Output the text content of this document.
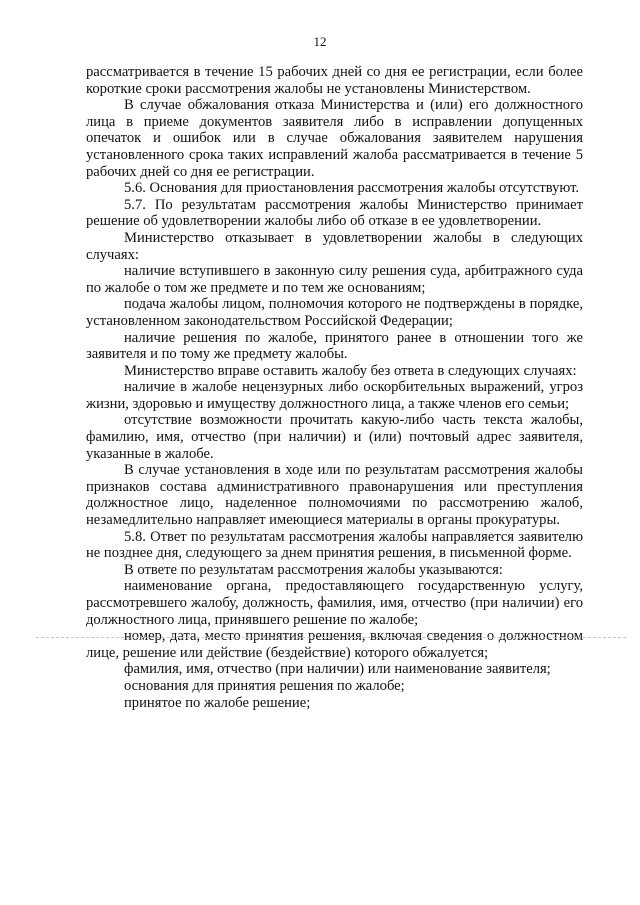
12

рассматривается в течение 15 рабочих дней со дня ее регистрации, если более короткие сроки рассмотрения жалобы не установлены Министерством.

В случае обжалования отказа Министерства и (или) его должностного лица в приеме документов заявителя либо в исправлении допущенных опечаток и ошибок или в случае обжалования заявителем нарушения установленного срока таких исправлений жалоба рассматривается в течение 5 рабочих дней со дня ее регистрации.

5.6. Основания для приостановления рассмотрения жалобы отсутствуют.

5.7. По результатам рассмотрения жалобы Министерство принимает решение об удовлетворении жалобы либо об отказе в ее удовлетворении.

Министерство отказывает в удовлетворении жалобы в следующих случаях:

наличие вступившего в законную силу решения суда, арбитражного суда по жалобе о том же предмете и по тем же основаниям;

подача жалобы лицом, полномочия которого не подтверждены в порядке, установленном законодательством Российской Федерации;

наличие решения по жалобе, принятого ранее в отношении того же заявителя и по тому же предмету жалобы.

Министерство вправе оставить жалобу без ответа в следующих случаях:

наличие в жалобе нецензурных либо оскорбительных выражений, угроз жизни, здоровью и имуществу должностного лица, а также членов его семьи;

отсутствие возможности прочитать какую-либо часть текста жалобы, фамилию, имя, отчество (при наличии) и (или) почтовый адрес заявителя, указанные в жалобе.

В случае установления в ходе или по результатам рассмотрения жалобы признаков состава административного правонарушения или преступления должностное лицо, наделенное полномочиями по рассмотрению жалоб, незамедлительно направляет имеющиеся материалы в органы прокуратуры.

5.8. Ответ по результатам рассмотрения жалобы направляется заявителю не позднее дня, следующего за днем принятия решения, в письменной форме.

В ответе по результатам рассмотрения жалобы указываются:

наименование органа, предоставляющего государственную услугу, рассмотревшего жалобу, должность, фамилия, имя, отчество (при наличии) его должностного лица, принявшего решение по жалобе;

номер, дата, место принятия решения, включая сведения о должностном лице, решение или действие (бездействие) которого обжалуется;

фамилия, имя, отчество (при наличии) или наименование заявителя;

основания для принятия решения по жалобе;

принятое по жалобе решение;
